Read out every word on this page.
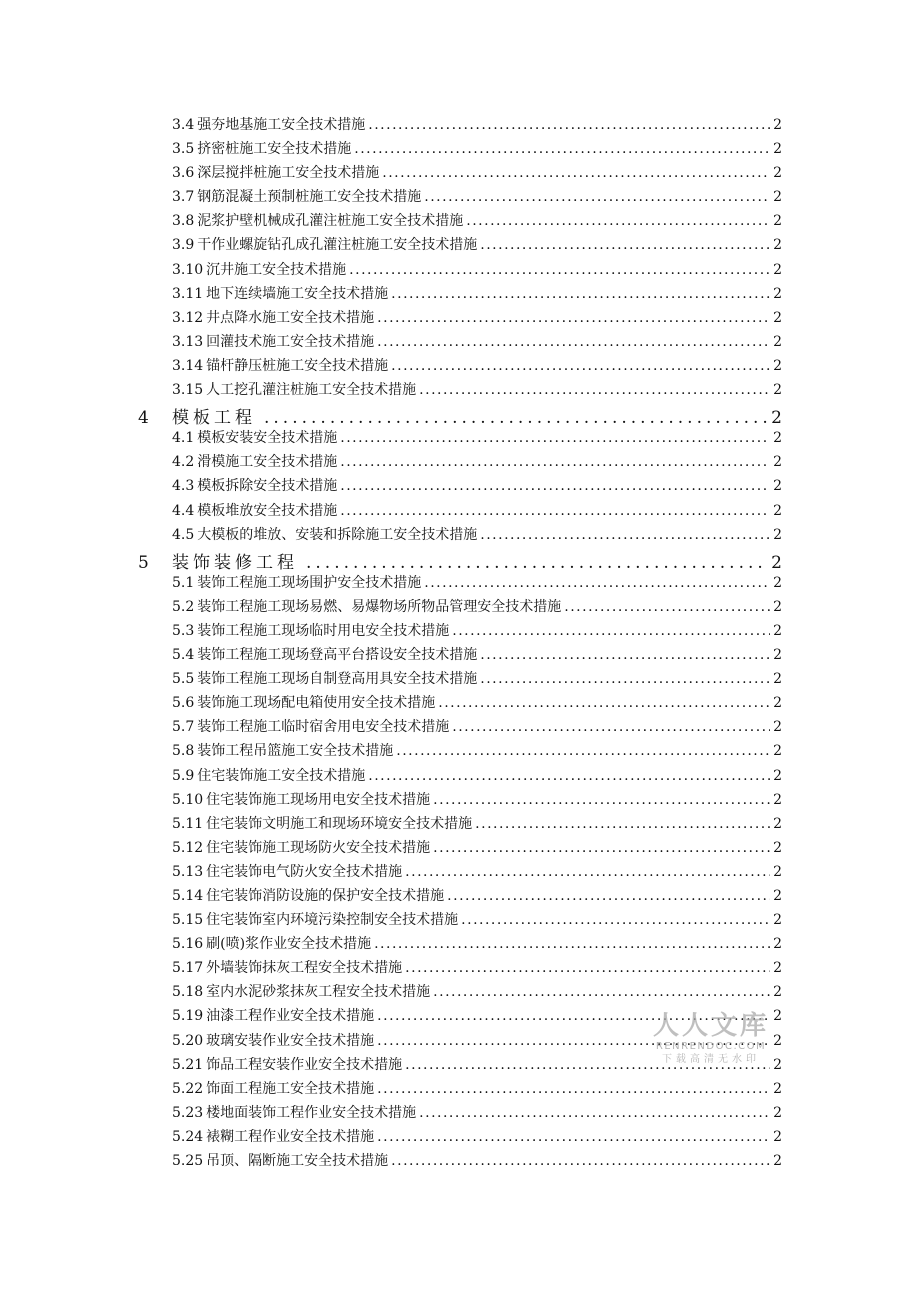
3.4 强夯地基施工安全技术措施 .....	2
3.5 挤密桩施工安全技术措施 .....	2
3.6 深层搅拌桩施工安全技术措施 .....	2
3.7 钢筋混凝土预制桩施工安全技术措施 .....	2
3.8 泥浆护壁机械成孔灌注桩施工安全技术措施 .....	2
3.9 干作业螺旋钻孔成孔灌注桩施工安全技术措施 .....	2
3.10 沉井施工安全技术措施 .....	2
3.11 地下连续墙施工安全技术措施 .....	2
3.12 井点降水施工安全技术措施 .....	2
3.13 回灌技术施工安全技术措施 .....	2
3.14 锚杆静压桩施工安全技术措施 .....	2
3.15 人工挖孔灌注桩施工安全技术措施 .....	2
4	模板工程 .....	2
4.1 模板安装安全技术措施 .....	2
4.2 滑模施工安全技术措施 .....	2
4.3 模板拆除安全技术措施 .....	2
4.4 模板堆放安全技术措施 .....	2
4.5 大模板的堆放、安装和拆除施工安全技术措施 .....	2
5	装饰装修工程 .....	2
5.1 装饰工程施工现场围护安全技术措施 .....	2
5.2 装饰工程施工现场易燃、易爆物场所物品管理安全技术措施 .....	2
5.3 装饰工程施工现场临时用电安全技术措施 .....	2
5.4 装饰工程施工现场登高平台搭设安全技术措施 .....	2
5.5 装饰工程施工现场自制登高用具安全技术措施 .....	2
5.6 装饰施工现场配电箱使用安全技术措施 .....	2
5.7 装饰工程施工临时宿舍用电安全技术措施 .....	2
5.8 装饰工程吊篮施工安全技术措施 .....	2
5.9 住宅装饰施工安全技术措施 .....	2
5.10 住宅装饰施工现场用电安全技术措施 .....	2
5.11 住宅装饰文明施工和现场环境安全技术措施 .....	2
5.12 住宅装饰施工现场防火安全技术措施 .....	2
5.13 住宅装饰电气防火安全技术措施 .....	2
5.14 住宅装饰消防设施的保护安全技术措施 .....	2
5.15 住宅装饰室内环境污染控制安全技术措施 .....	2
5.16 刷(喷)浆作业安全技术措施 .....	2
5.17 外墙装饰抹灰工程安全技术措施 .....	2
5.18 室内水泥砂浆抹灰工程安全技术措施 .....	2
5.19 油漆工程作业安全技术措施 .....	2
5.20 玻璃安装作业安全技术措施 .....	2
5.21 饰品工程安装作业安全技术措施 .....	2
5.22 饰面工程施工安全技术措施 .....	2
5.23 楼地面装饰工程作业安全技术措施 .....	2
5.24 裱糊工程作业安全技术措施 .....	2
5.25 吊顶、隔断施工安全技术措施 .....	2
人人文库
RENRENDOC.COM
下载高清无水印
